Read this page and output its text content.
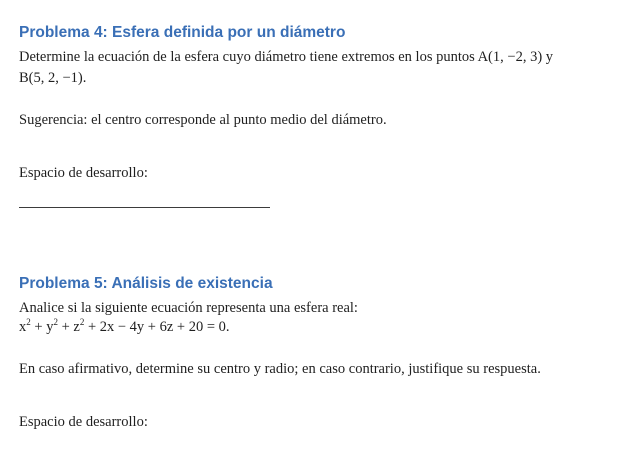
Problema 4: Esfera definida por un diámetro
Determine la ecuación de la esfera cuyo diámetro tiene extremos en los puntos A(1, −2, 3) y
B(5, 2, −1).
Sugerencia: el centro corresponde al punto medio del diámetro.
Espacio de desarrollo:
Problema 5: Análisis de existencia
Analice si la siguiente ecuación representa una esfera real:
$x^2 + y^2 + z^2 + 2x - 4y + 6z + 20 = 0$.
En caso afirmativo, determine su centro y radio; en caso contrario, justifique su respuesta.
Espacio de desarrollo:
